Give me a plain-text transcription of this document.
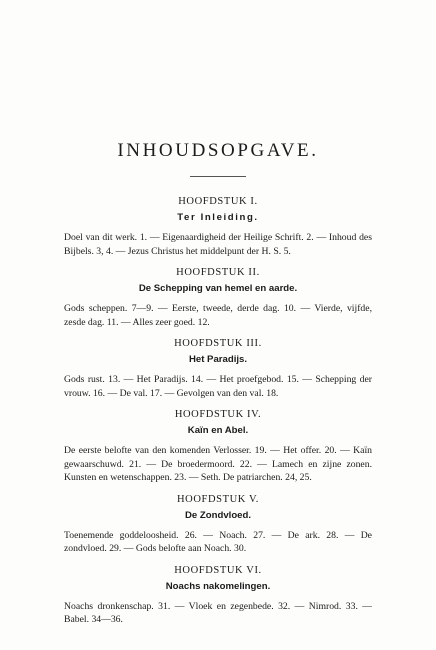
INHOUDSOPGAVE.
HOOFDSTUK I.
Ter Inleiding.
Doel van dit werk. 1. — Eigenaardigheid der Heilige Schrift. 2. — Inhoud des Bijbels. 3, 4. — Jezus Christus het middelpunt der H. S. 5.
HOOFDSTUK II.
De Schepping van hemel en aarde.
Gods scheppen. 7—9. — Eerste, tweede, derde dag. 10. — Vierde, vijfde, zesde dag. 11. — Alles zeer goed. 12.
HOOFDSTUK III.
Het Paradijs.
Gods rust. 13. — Het Paradijs. 14. — Het proefgebod. 15. — Schepping der vrouw. 16. — De val. 17. — Gevolgen van den val. 18.
HOOFDSTUK IV.
Kaïn en Abel.
De eerste belofte van den komenden Verlosser. 19. — Het offer. 20. — Kaïn gewaarschuwd. 21. — De broedermoord. 22. — Lamech en zijne zonen. Kunsten en wetenschappen. 23. — Seth. De patriarchen. 24, 25.
HOOFDSTUK V.
De Zondvloed.
Toenemende goddeloosheid. 26. — Noach. 27. — De ark. 28. — De zondvloed. 29. — Gods belofte aan Noach. 30.
HOOFDSTUK VI.
Noachs nakomelingen.
Noachs dronkenschap. 31. — Vloek en zegenbede. 32. — Nimrod. 33. — Babel. 34—36.
